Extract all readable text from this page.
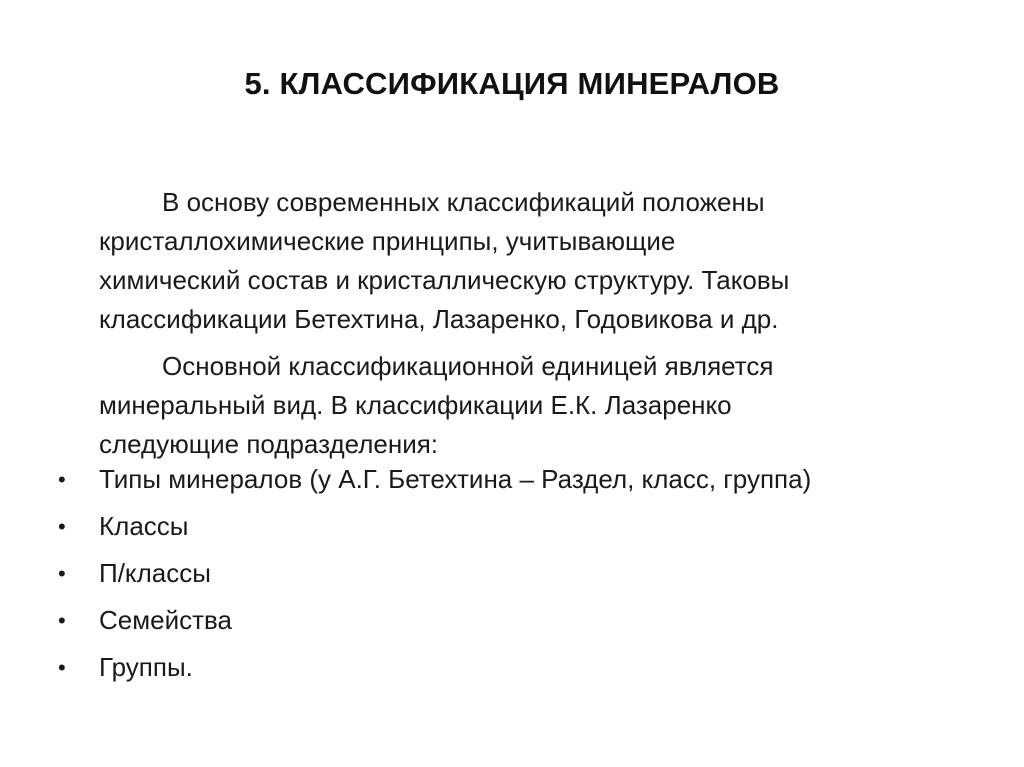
5. КЛАССИФИКАЦИЯ МИНЕРАЛОВ

В основу современных классификаций положены
кристаллохимические принципы, учитывающие
химический состав и кристаллическую структуру. Таковы
классификации Бетехтина, Лазаренко, Годовикова и др.

Основной классификационной единицей является
минеральный вид. В классификации Е.К. Лазаренко
следующие подразделения:

• Типы минералов (у А.Г. Бетехтина – Раздел, класс, группа)
• Классы
• П/классы
• Семейства
• Группы.
